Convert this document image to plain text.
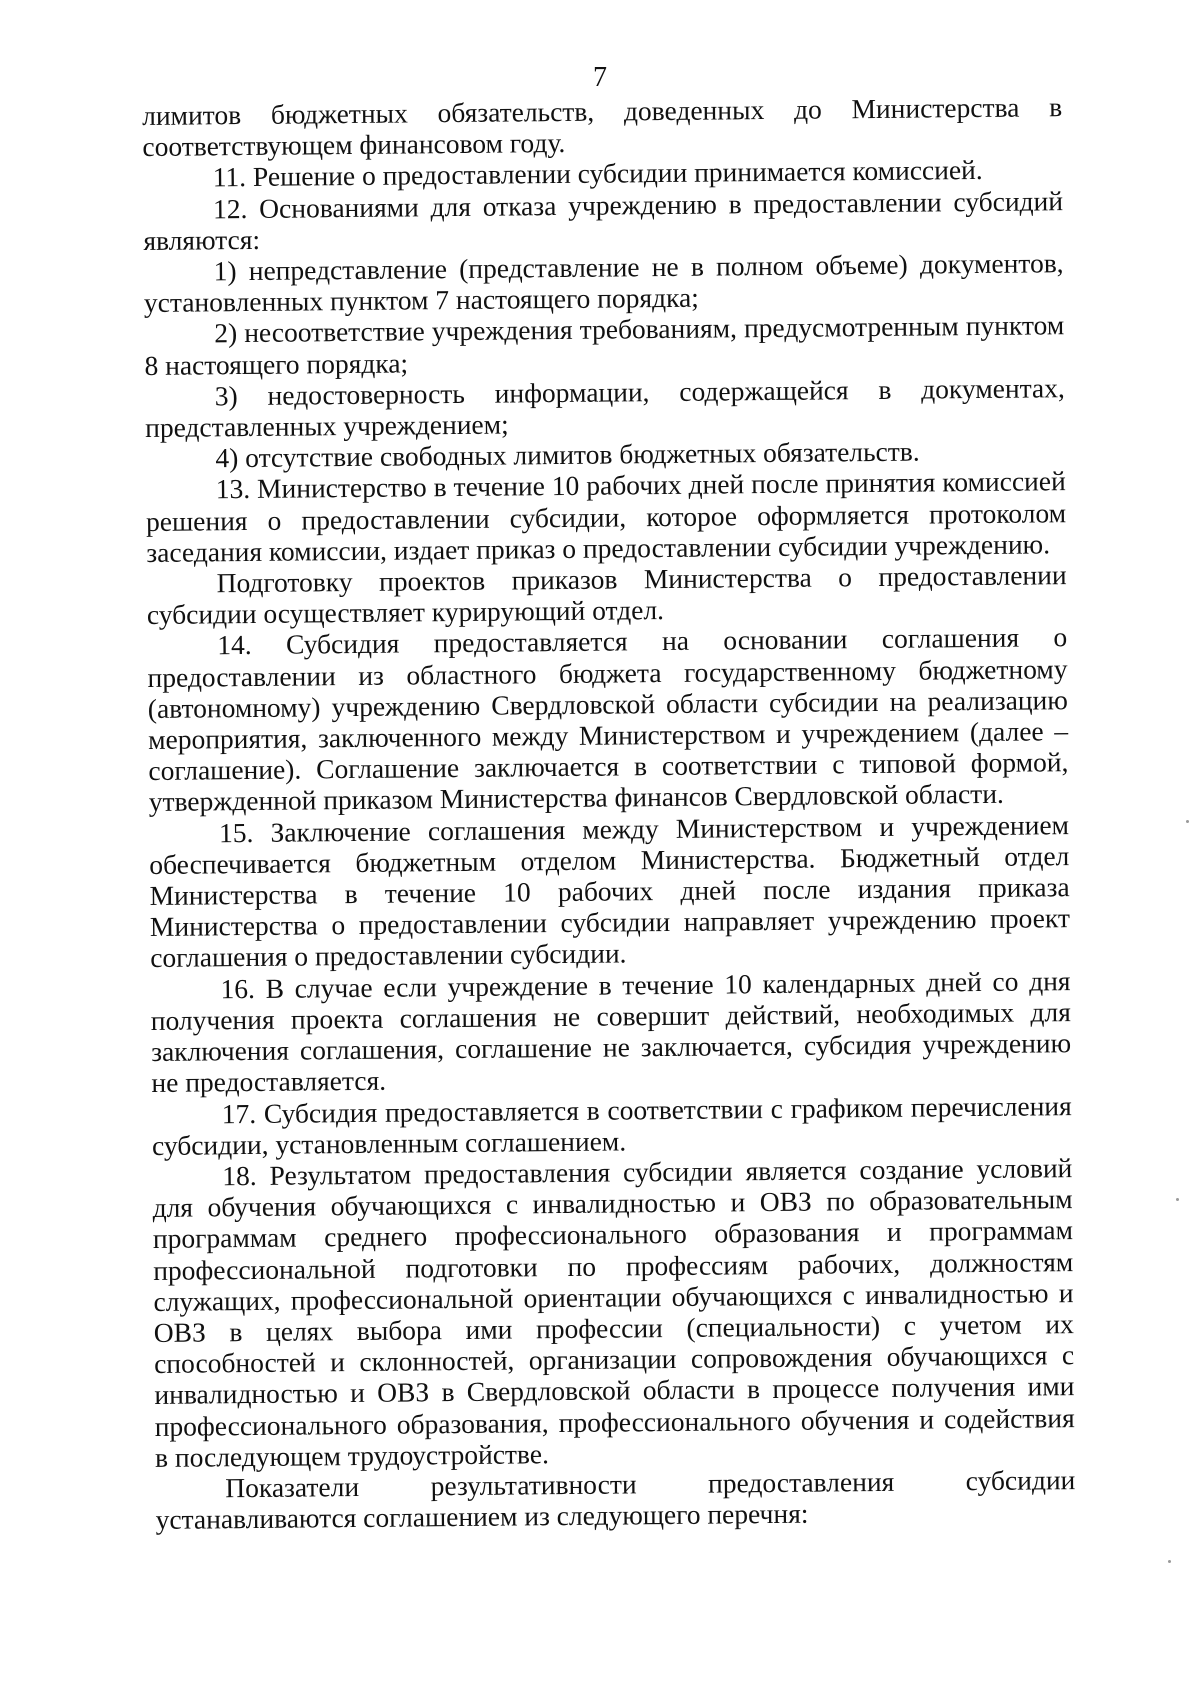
7

лимитов бюджетных обязательств, доведенных до Министерства в соответствующем финансовом году.

11. Решение о предоставлении субсидии принимается комиссией.

12. Основаниями для отказа учреждению в предоставлении субсидий являются:

1) непредставление (представление не в полном объеме) документов, установленных пунктом 7 настоящего порядка;

2) несоответствие учреждения требованиям, предусмотренным пунктом 8 настоящего порядка;

3) недостоверность информации, содержащейся в документах, представленных учреждением;

4) отсутствие свободных лимитов бюджетных обязательств.

13. Министерство в течение 10 рабочих дней после принятия комиссией решения о предоставлении субсидии, которое оформляется протоколом заседания комиссии, издает приказ о предоставлении субсидии учреждению.

Подготовку проектов приказов Министерства о предоставлении субсидии осуществляет курирующий отдел.

14. Субсидия предоставляется на основании соглашения о предоставлении из областного бюджета государственному бюджетному (автономному) учреждению Свердловской области субсидии на реализацию мероприятия, заключенного между Министерством и учреждением (далее – соглашение). Соглашение заключается в соответствии с типовой формой, утвержденной приказом Министерства финансов Свердловской области.

15. Заключение соглашения между Министерством и учреждением обеспечивается бюджетным отделом Министерства. Бюджетный отдел Министерства в течение 10 рабочих дней после издания приказа Министерства о предоставлении субсидии направляет учреждению проект соглашения о предоставлении субсидии.

16. В случае если учреждение в течение 10 календарных дней со дня получения проекта соглашения не совершит действий, необходимых для заключения соглашения, соглашение не заключается, субсидия учреждению не предоставляется.

17. Субсидия предоставляется в соответствии с графиком перечисления субсидии, установленным соглашением.

18. Результатом предоставления субсидии является создание условий для обучения обучающихся с инвалидностью и ОВЗ по образовательным программам среднего профессионального образования и программам профессиональной подготовки по профессиям рабочих, должностям служащих, профессиональной ориентации обучающихся с инвалидностью и ОВЗ в целях выбора ими профессии (специальности) с учетом их способностей и склонностей, организации сопровождения обучающихся с инвалидностью и ОВЗ в Свердловской области в процессе получения ими профессионального образования, профессионального обучения и содействия в последующем трудоустройстве.

Показатели результативности предоставления субсидии устанавливаются соглашением из следующего перечня:
